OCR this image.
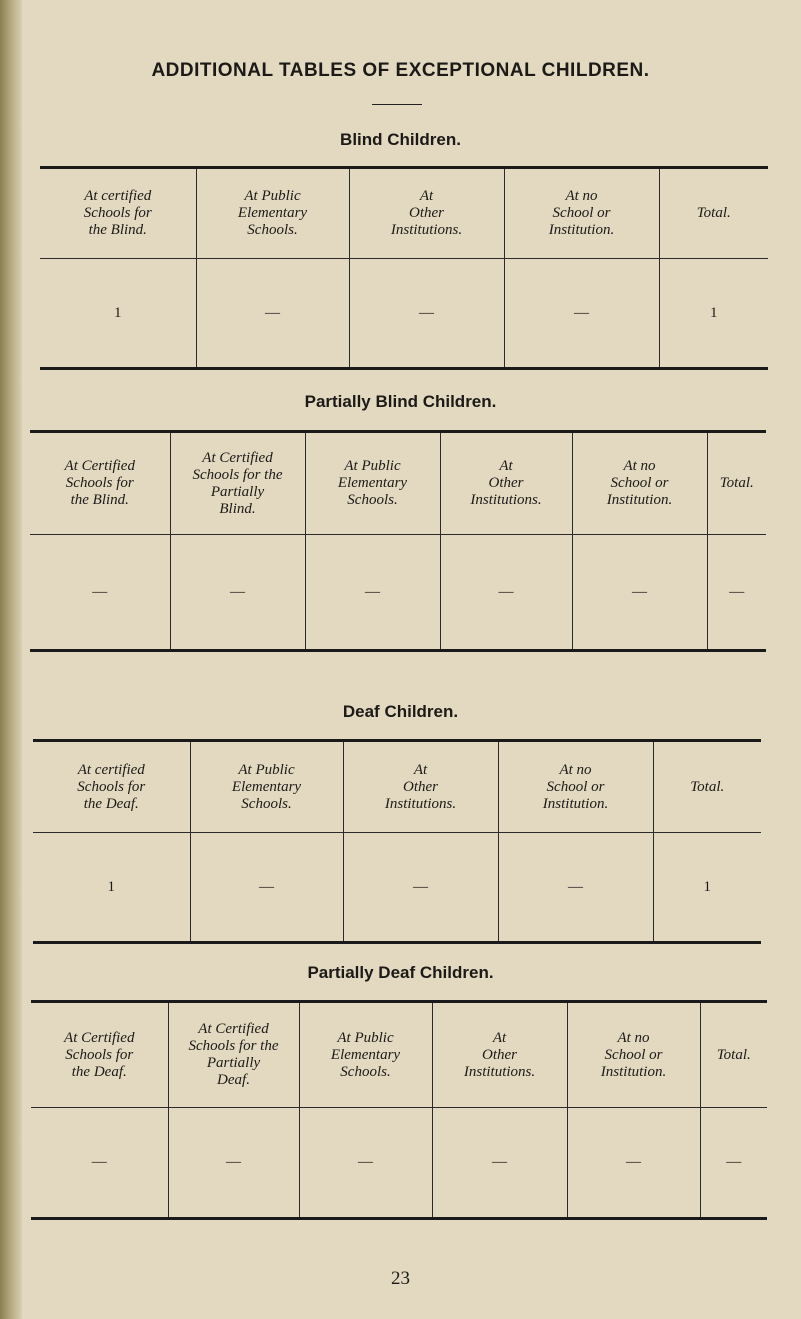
ADDITIONAL TABLES OF EXCEPTIONAL CHILDREN.
Blind Children.
At certified
Schools for
the Blind.	At Public
Elementary
Schools.	At
Other
Institutions.	At no
School or
Institution.	Total.
1	—	—	—	1
Partially Blind Children.
At Certified
Schools for
the Blind.	At Certified
Schools for the
Partially
Blind.	At Public
Elementary
Schools.	At
Other
Institutions.	At no
School or
Institution.	Total.
—	—	—	—	—	—
Deaf Children.
At certified
Schools for
the Deaf.	At Public
Elementary
Schools.	At
Other
Institutions.	At no
School or
Institution.	Total.
1	—	—	—	1
Partially Deaf Children.
At Certified
Schools for
the Deaf.	At Certified
Schools for the
Partially
Deaf.	At Public
Elementary
Schools.	At
Other
Institutions.	At no
School or
Institution.	Total.
—	—	—	—	—	—
23
